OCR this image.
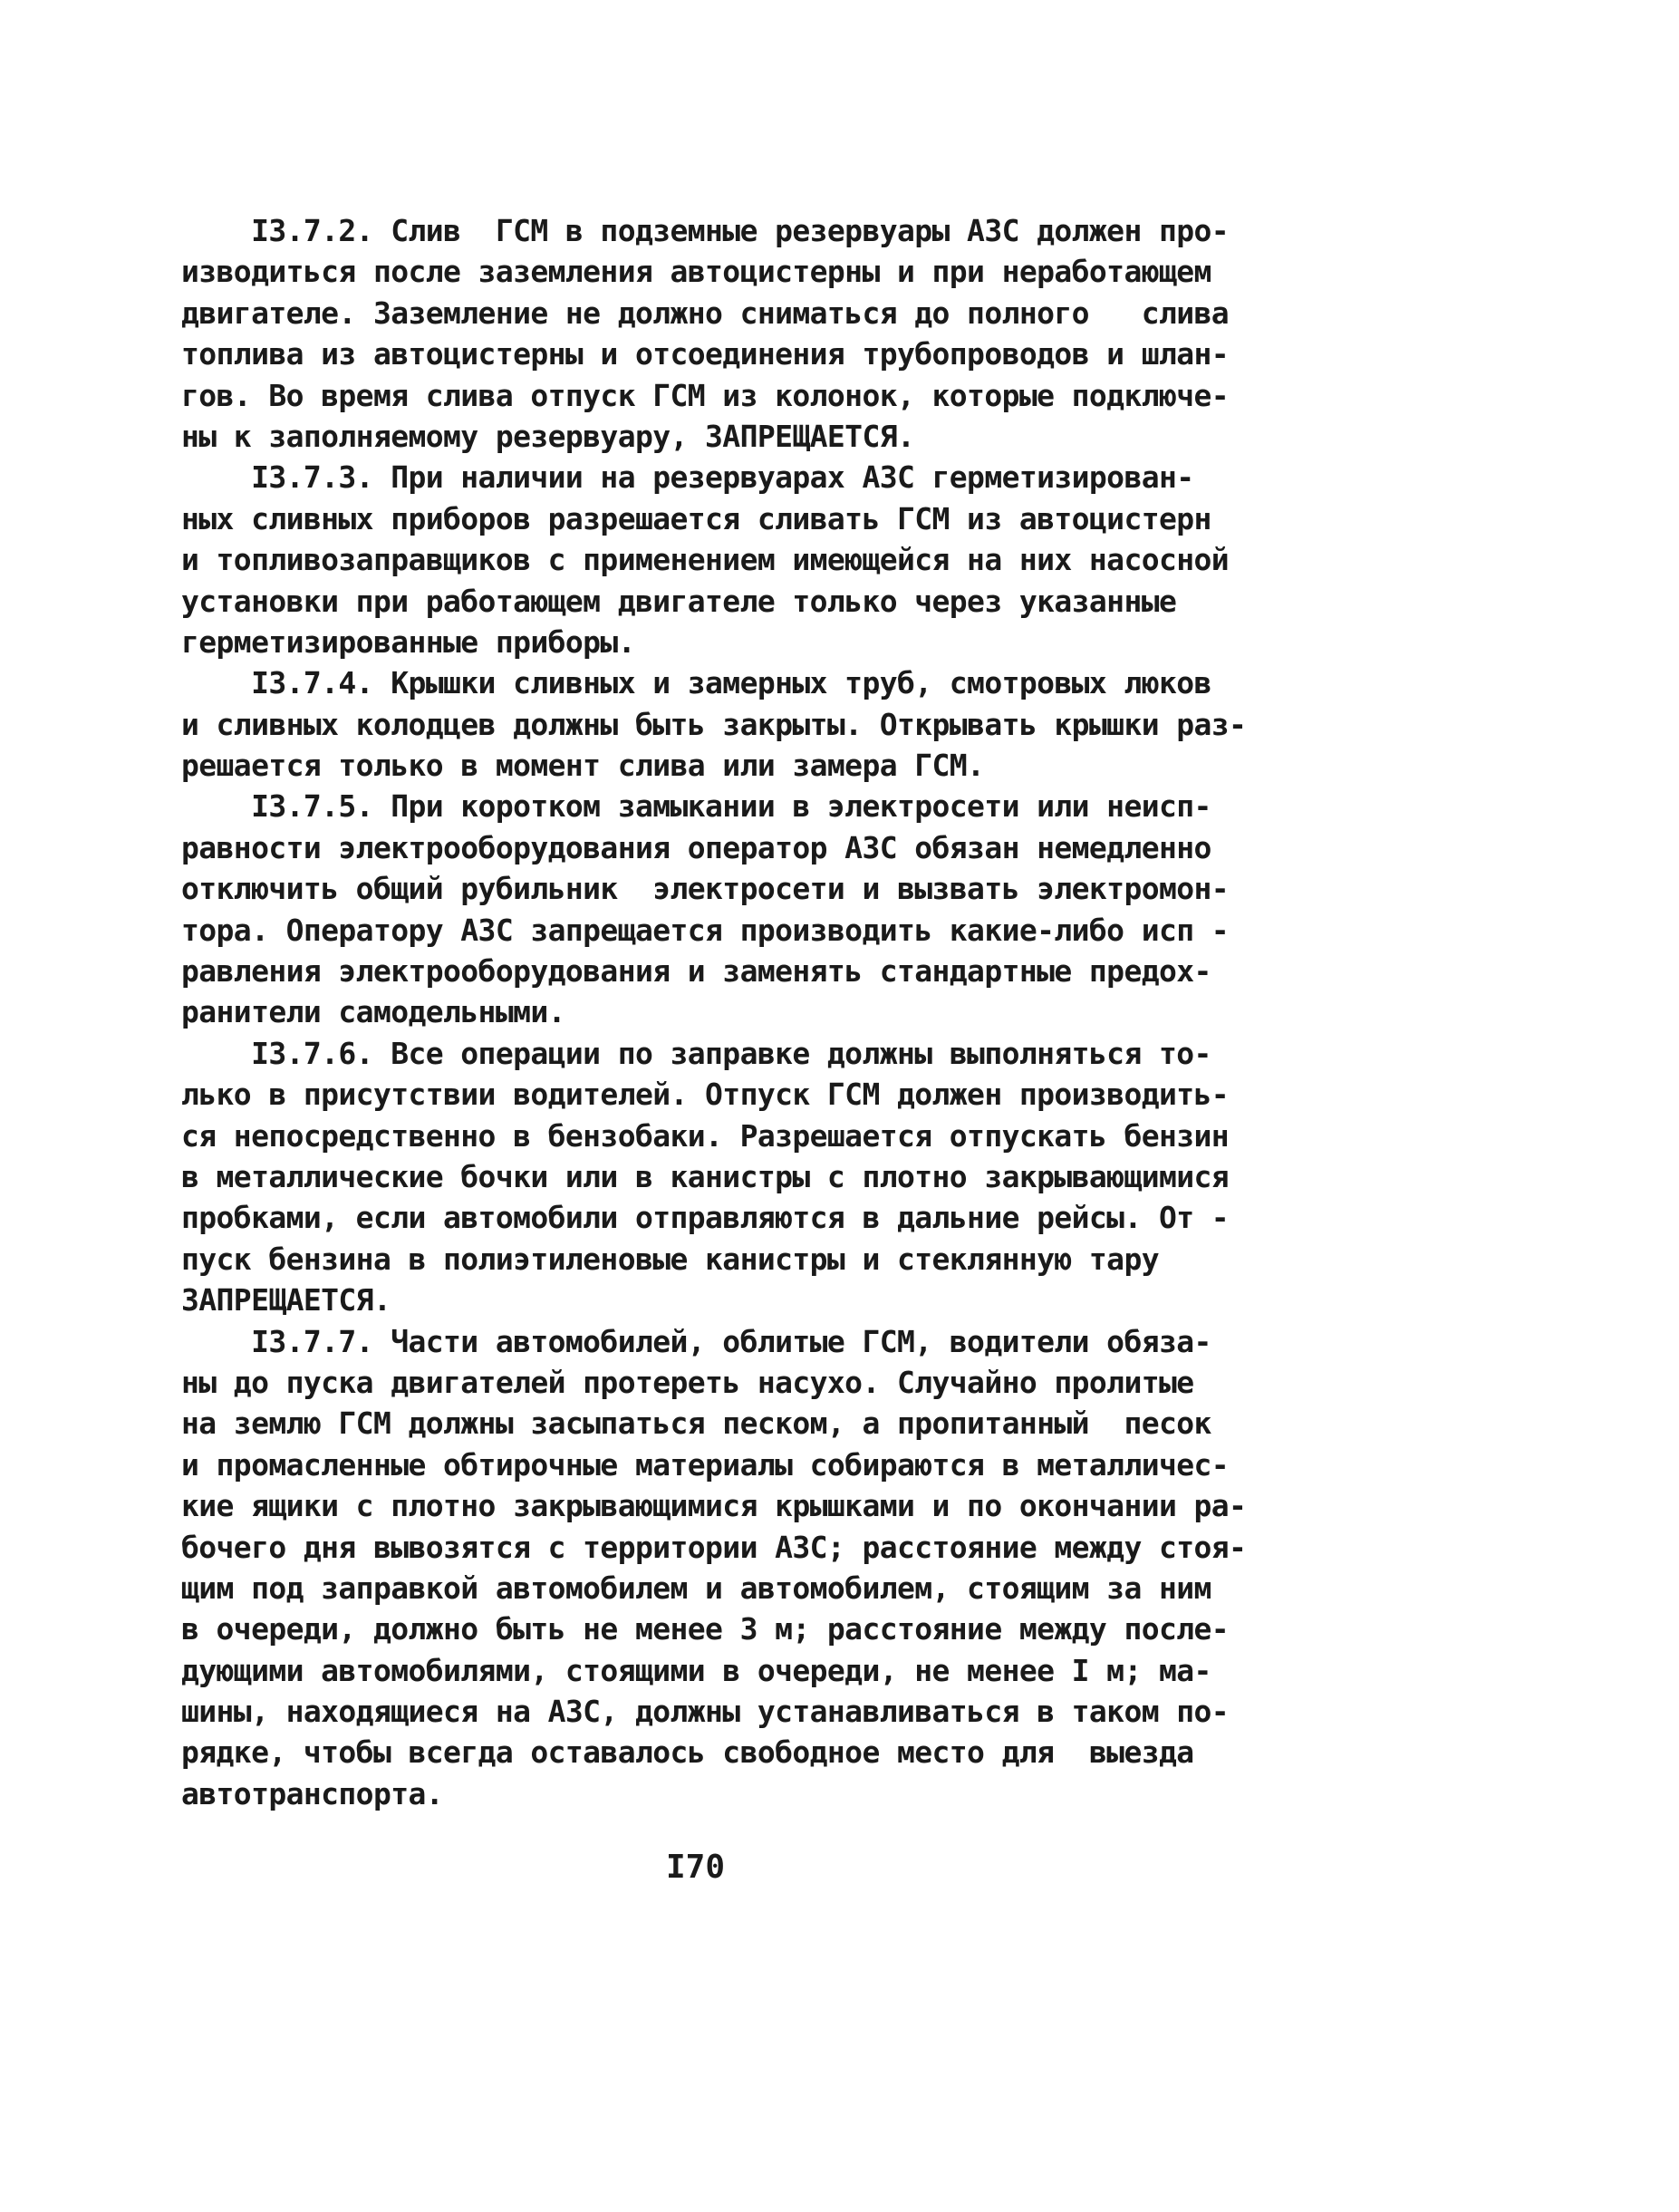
I3.7.2. Слив  ГСМ в подземные резервуары АЗС должен про-
изводиться после заземления автоцистерны и при неработающем
двигателе. Заземление не должно сниматься до полного   слива
топлива из автоцистерны и отсоединения трубопроводов и шлан-
гов. Во время слива отпуск ГСМ из колонок, которые подключе-
ны к заполняемому резервуару, ЗАПРЕЩАЕТСЯ.
I3.7.3. При наличии на резервуарах АЗС герметизирован-
ных сливных приборов разрешается сливать ГСМ из автоцистерн
и топливозаправщиков с применением имеющейся на них насосной
установки при работающем двигателе только через указанные
герметизированные приборы.
I3.7.4. Крышки сливных и замерных труб, смотровых люков
и сливных колодцев должны быть закрыты. Открывать крышки раз-
решается только в момент слива или замера ГСМ.
I3.7.5. При коротком замыкании в электросети или неисп-
равности электрооборудования оператор АЗС обязан немедленно
отключить общий рубильник  электросети и вызвать электромон-
тора. Оператору АЗС запрещается производить какие-либо исп -
равления электрооборудования и заменять стандартные предох-
ранители самодельными.
I3.7.6. Все операции по заправке должны выполняться то-
лько в присутствии водителей. Отпуск ГСМ должен производить-
ся непосредственно в бензобаки. Разрешается отпускать бензин
в металлические бочки или в канистры с плотно закрывающимися
пробками, если автомобили отправляются в дальние рейсы. От -
пуск бензина в полиэтиленовые канистры и стеклянную тару
ЗАПРЕЩАЕТСЯ.
I3.7.7. Части автомобилей, облитые ГСМ, водители обяза-
ны до пуска двигателей протереть насухо. Случайно пролитые
на землю ГСМ должны засыпаться песком, а пропитанный  песок
и промасленные обтирочные материалы собираются в металличес-
кие ящики с плотно закрывающимися крышками и по окончании ра-
бочего дня вывозятся с территории АЗС; расстояние между стоя-
щим под заправкой автомобилем и автомобилем, стоящим за ним
в очереди, должно быть не менее 3 м; расстояние между после-
дующими автомобилями, стоящими в очереди, не менее I м; ма-
шины, находящиеся на АЗС, должны устанавливаться в таком по-
рядке, чтобы всегда оставалось свободное место для  выезда
автотранспорта.
I70
